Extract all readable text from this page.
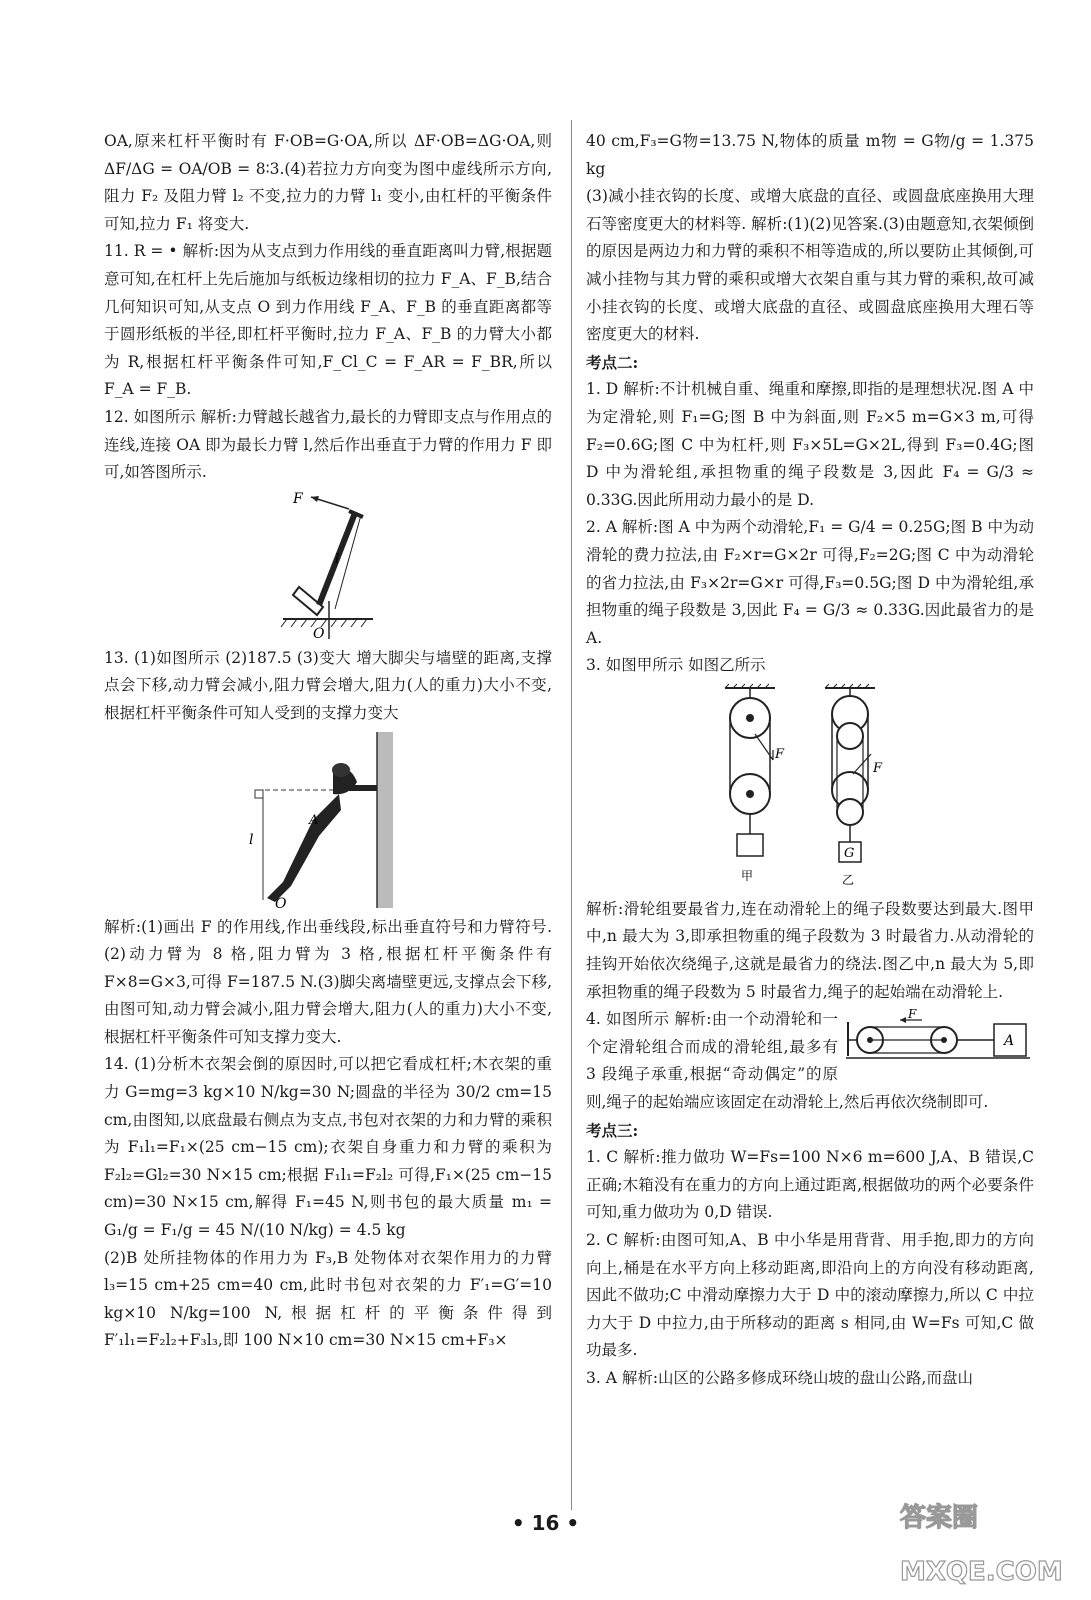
OA,原来杠杆平衡时有 F·OB=G·OA,所以 ΔF·OB=ΔG·OA,则 ΔF/ΔG = OA/OB = 8∶3.(4)若拉力方向变为图中虚线所示方向,阻力 F₂ 及阻力臂 l₂ 不变,拉力的力臂 l₁ 变小,由杠杆的平衡条件可知,拉力 F₁ 将变大.

11. R = • 解析:因为从支点到力作用线的垂直距离叫力臂,根据题意可知,在杠杆上先后施加与纸板边缘相切的拉力 F_A、F_B,结合几何知识可知,从支点 O 到力作用线 F_A、F_B 的垂直距离都等于圆形纸板的半径,即杠杆平衡时,拉力 F_A、F_B 的力臂大小都为 R,根据杠杆平衡条件可知,F_Cl_C = F_AR = F_BR,所以 F_A = F_B.

12. 如图所示 解析:力臂越长越省力,最长的力臂即支点与作用点的连线,连接 OA 即为最长力臂 l,然后作出垂直于力臂的作用力 F 即可,如答图所示.

F
l
O

13. (1)如图所示 (2)187.5 (3)变大 增大脚尖与墙壁的距离,支撑点会下移,动力臂会减小,阻力臂会增大,阻力(人的重力)大小不变,根据杠杆平衡条件可知人受到的支撑力变大

F
A
l
O

解析:(1)画出 F 的作用线,作出垂线段,标出垂直符号和力臂符号.(2)动力臂为 8 格,阻力臂为 3 格,根据杠杆平衡条件有 F×8=G×3,可得 F=187.5 N.(3)脚尖离墙壁更远,支撑点会下移,由图可知,动力臂会减小,阻力臂会增大,阻力(人的重力)大小不变,根据杠杆平衡条件可知支撑力变大.

14. (1)分析木衣架会倒的原因时,可以把它看成杠杆;木衣架的重力 G=mg=3 kg×10 N/kg=30 N;圆盘的半径为 30/2 cm=15 cm,由图知,以底盘最右侧点为支点,书包对衣架的力和力臂的乘积为 F₁l₁=F₁×(25 cm−15 cm);衣架自身重力和力臂的乘积为 F₂l₂=Gl₂=30 N×15 cm;根据 F₁l₁=F₂l₂ 可得,F₁×(25 cm−15 cm)=30 N×15 cm,解得 F₁=45 N,则书包的最大质量 m₁ = G₁/g = F₁/g = 45 N/(10 N/kg) = 4.5 kg

(2)B 处所挂物体的作用力为 F₃,B 处物体对衣架作用力的力臂 l₃=15 cm+25 cm=40 cm,此时书包对衣架的力 F′₁=G′=10 kg×10 N/kg=100 N,根据杠杆的平衡条件得到 F′₁l₁=F₂l₂+F₃l₃,即 100 N×10 cm=30 N×15 cm+F₃×

40 cm,F₃=G物=13.75 N,物体的质量 m物 = G物/g = 1.375 kg

(3)减小挂衣钩的长度、或增大底盘的直径、或圆盘底座换用大理石等密度更大的材料等. 解析:(1)(2)见答案.(3)由题意知,衣架倾倒的原因是两边力和力臂的乘积不相等造成的,所以要防止其倾倒,可减小挂物与其力臂的乘积或增大衣架自重与其力臂的乘积,故可减小挂衣钩的长度、或增大底盘的直径、或圆盘底座换用大理石等密度更大的材料.

考点二:

1. D 解析:不计机械自重、绳重和摩擦,即指的是理想状况.图 A 中为定滑轮,则 F₁=G;图 B 中为斜面,则 F₂×5 m=G×3 m,可得 F₂=0.6G;图 C 中为杠杆,则 F₃×5L=G×2L,得到 F₃=0.4G;图 D 中为滑轮组,承担物重的绳子段数是 3,因此 F₄ = G/3 ≈ 0.33G.因此所用动力最小的是 D.

2. A 解析:图 A 中为两个动滑轮,F₁ = G/4 = 0.25G;图 B 中为动滑轮的费力拉法,由 F₂×r=G×2r 可得,F₂=2G;图 C 中为动滑轮的省力拉法,由 F₃×2r=G×r 可得,F₃=0.5G;图 D 中为滑轮组,承担物重的绳子段数是 3,因此 F₄ = G/3 ≈ 0.33G.因此最省力的是 A.

3. 如图甲所示 如图乙所示

F
甲
F
G
乙

解析:滑轮组要最省力,连在动滑轮上的绳子段数要达到最大.图甲中,n 最大为 3,即承担物重的绳子段数为 3 时最省力.从动滑轮的挂钩开始依次绕绳子,这就是最省力的绕法.图乙中,n 最大为 5,即承担物重的绳子段数为 5 时最省力,绳子的起始端在动滑轮上.

A
F

4. 如图所示 解析:由一个动滑轮和一个定滑轮组合而成的滑轮组,最多有 3 段绳子承重,根据“奇动偶定”的原则,绳子的起始端应该固定在动滑轮上,然后再依次绕制即可.

考点三:

1. C 解析:推力做功 W=Fs=100 N×6 m=600 J,A、B 错误,C 正确;木箱没有在重力的方向上通过距离,根据做功的两个必要条件可知,重力做功为 0,D 错误.

2. C 解析:由图可知,A、B 中小华是用背背、用手抱,即力的方向向上,桶是在水平方向上移动距离,即沿向上的方向没有移动距离,因此不做功;C 中滑动摩擦力大于 D 中的滚动摩擦力,所以 C 中拉力大于 D 中拉力,由于所移动的距离 s 相同,由 W=Fs 可知,C 做功最多.

3. A 解析:山区的公路多修成环绕山坡的盘山公路,而盘山

• 16 •	答案圈
MXQE.COM
